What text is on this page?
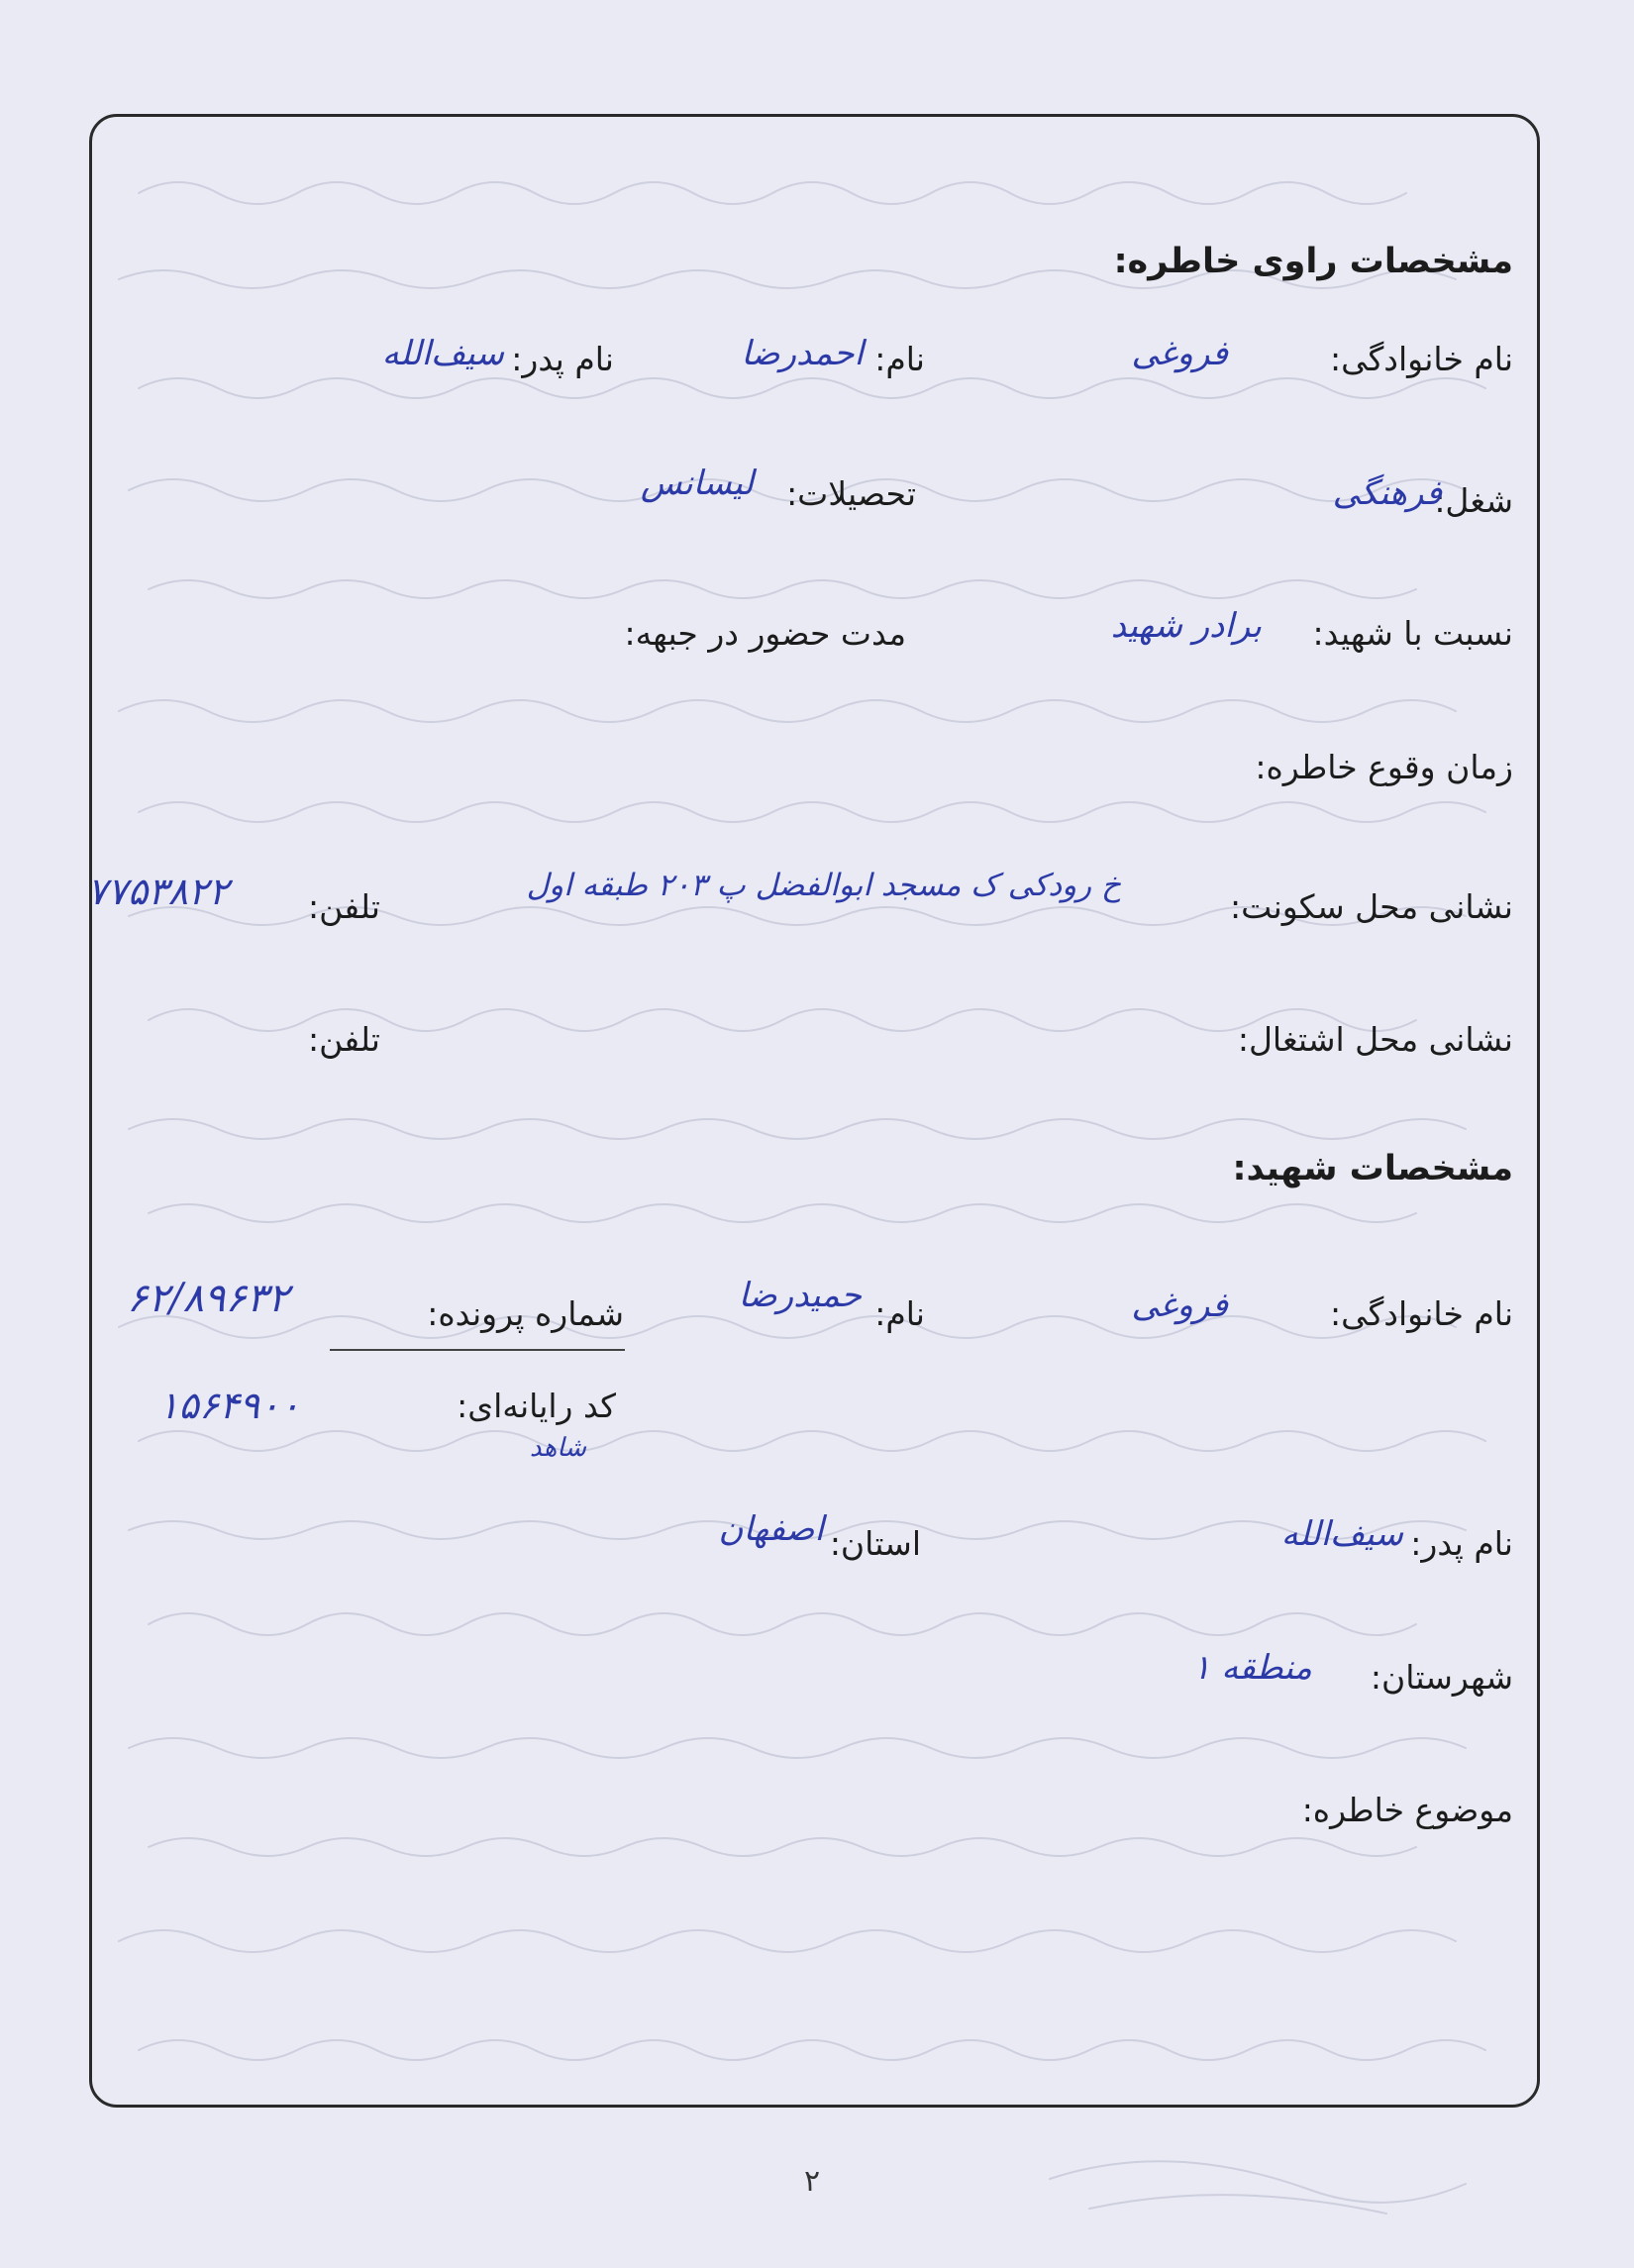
مشخصات راوی خاطره:
نام خانوادگی:
فروغی
نام:
احمدرضا
نام پدر:
سیف‌الله
شغل:
فرهنگی
تحصیلات:
لیسانس
نسبت با شهید:
برادر شهید
مدت حضور در جبهه:
زمان وقوع خاطره:
نشانی محل سکونت:
خ رودکی ک مسجد ابوالفضل پ ۲۰۳ طبقه اول
تلفن:
۷۷۵۳۸۲۲
نشانی محل اشتغال:
تلفن:
مشخصات شهید:
نام خانوادگی:
فروغی
نام:
حمیدرضا
شماره پرونده:
۶۲/۸۹۶۳۲
کد رایانه‌ای:
۱۵۶۴۹۰۰
شاهد
نام پدر:
سیف‌الله
استان:
اصفهان
شهرستان:
منطقه ۱
موضوع خاطره:
۲
